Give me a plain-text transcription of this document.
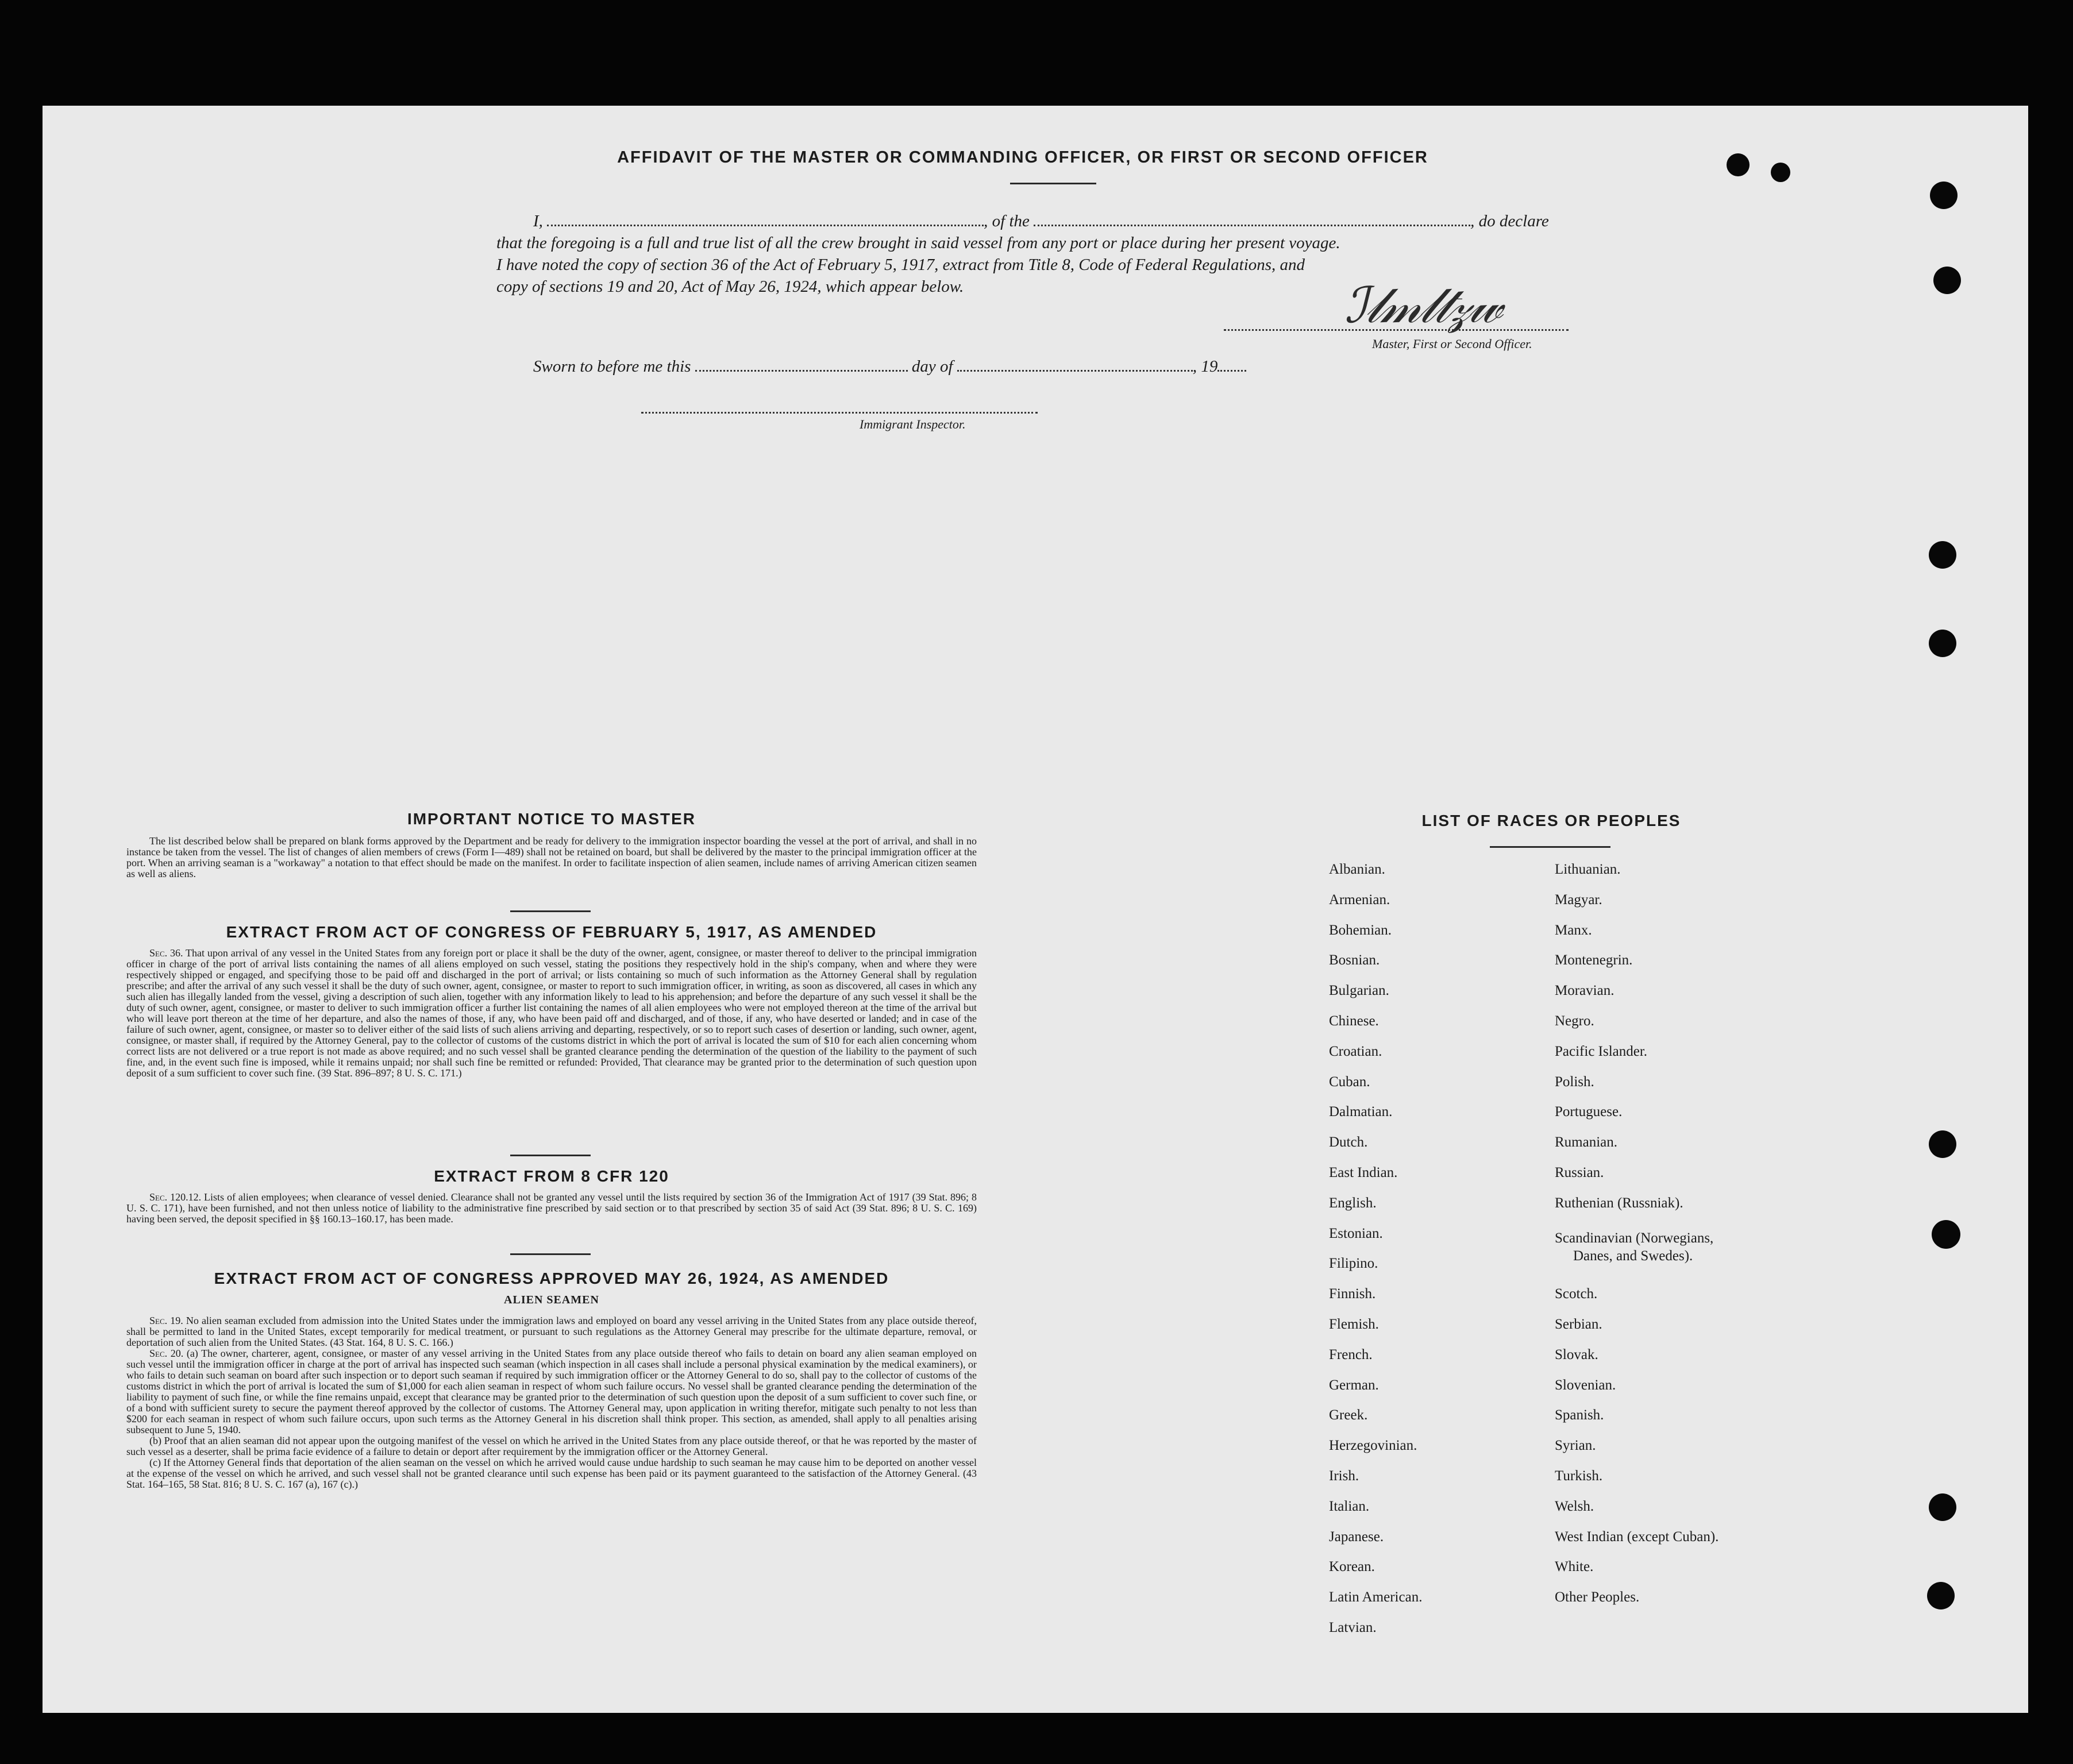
AFFIDAVIT OF THE MASTER OR COMMANDING OFFICER, OR FIRST OR SECOND OFFICER
I,	, of the	, do declare
that the foregoing is a full and true list of all the crew brought in said vessel from any port or place during her present voyage.
I have noted the copy of section 36 of the Act of February 5, 1917, extract from Title 8, Code of Federal Regulations, and
copy of sections 19 and 20, Act of May 26, 1924, which appear below.	ℐ𝓁𝓂𝓁𝓉𝓏𝓌
Master, First or Second Officer.
Sworn to before me this	day of	, 19
Immigrant Inspector.
IMPORTANT NOTICE TO MASTER

The list described below shall be prepared on blank forms approved by the Department and be ready for delivery to the immigration inspector boarding the vessel at the port of arrival, and shall in no instance be taken from the vessel. The list of changes of alien members of crews (Form I—489) shall not be retained on board, but shall be delivered by the master to the principal immigration officer at the port. When an arriving seaman is a "workaway" a notation to that effect should be made on the manifest. In order to facilitate inspection of alien seamen, include names of arriving American citizen seamen as well as aliens.

EXTRACT FROM ACT OF CONGRESS OF FEBRUARY 5, 1917, AS AMENDED

Sec. 36. That upon arrival of any vessel in the United States from any foreign port or place it shall be the duty of the owner, agent, consignee, or master thereof to deliver to the principal immigration officer in charge of the port of arrival lists containing the names of all aliens employed on such vessel, stating the positions they respectively hold in the ship's company, when and where they were respectively shipped or engaged, and specifying those to be paid off and discharged in the port of arrival; or lists containing so much of such information as the Attorney General shall by regulation prescribe; and after the arrival of any such vessel it shall be the duty of such owner, agent, consignee, or master to report to such immigration officer, in writing, as soon as discovered, all cases in which any such alien has illegally landed from the vessel, giving a description of such alien, together with any information likely to lead to his apprehension; and before the departure of any such vessel it shall be the duty of such owner, agent, consignee, or master to deliver to such immigration officer a further list containing the names of all alien employees who were not employed thereon at the time of the arrival but who will leave port thereon at the time of her departure, and also the names of those, if any, who have been paid off and discharged, and of those, if any, who have deserted or landed; and in case of the failure of such owner, agent, consignee, or master so to deliver either of the said lists of such aliens arriving and departing, respectively, or so to report such cases of desertion or landing, such owner, agent, consignee, or master shall, if required by the Attorney General, pay to the collector of customs of the customs district in which the port of arrival is located the sum of $10 for each alien concerning whom correct lists are not delivered or a true report is not made as above required; and no such vessel shall be granted clearance pending the determination of the question of the liability to the payment of such fine, and, in the event such fine is imposed, while it remains unpaid; nor shall such fine be remitted or refunded: Provided, That clearance may be granted prior to the determination of such question upon deposit of a sum sufficient to cover such fine. (39 Stat. 896–897; 8 U. S. C. 171.)

EXTRACT FROM 8 CFR 120

Sec. 120.12. Lists of alien employees; when clearance of vessel denied. Clearance shall not be granted any vessel until the lists required by section 36 of the Immigration Act of 1917 (39 Stat. 896; 8 U. S. C. 171), have been furnished, and not then unless notice of liability to the administrative fine prescribed by said section or to that prescribed by section 35 of said Act (39 Stat. 896; 8 U. S. C. 169) having been served, the deposit specified in §§ 160.13–160.17, has been made.

EXTRACT FROM ACT OF CONGRESS APPROVED MAY 26, 1924, AS AMENDED
ALIEN SEAMEN

Sec. 19. No alien seaman excluded from admission into the United States under the immigration laws and employed on board any vessel arriving in the United States from any place outside thereof, shall be permitted to land in the United States, except temporarily for medical treatment, or pursuant to such regulations as the Attorney General may prescribe for the ultimate departure, removal, or deportation of such alien from the United States. (43 Stat. 164, 8 U. S. C. 166.)

Sec. 20. (a) The owner, charterer, agent, consignee, or master of any vessel arriving in the United States from any place outside thereof who fails to detain on board any alien seaman employed on such vessel until the immigration officer in charge at the port of arrival has inspected such seaman (which inspection in all cases shall include a personal physical examination by the medical examiners), or who fails to detain such seaman on board after such inspection or to deport such seaman if required by such immigration officer or the Attorney General to do so, shall pay to the collector of customs of the customs district in which the port of arrival is located the sum of $1,000 for each alien seaman in respect of whom such failure occurs. No vessel shall be granted clearance pending the determination of the liability to payment of such fine, or while the fine remains unpaid, except that clearance may be granted prior to the determination of such question upon the deposit of a sum sufficient to cover such fine, or of a bond with sufficient surety to secure the payment thereof approved by the collector of customs. The Attorney General may, upon application in writing therefor, mitigate such penalty to not less than $200 for each seaman in respect of whom such failure occurs, upon such terms as the Attorney General in his discretion shall think proper. This section, as amended, shall apply to all penalties arising subsequent to June 5, 1940.

(b) Proof that an alien seaman did not appear upon the outgoing manifest of the vessel on which he arrived in the United States from any place outside thereof, or that he was reported by the master of such vessel as a deserter, shall be prima facie evidence of a failure to detain or deport after requirement by the immigration officer or the Attorney General.

(c) If the Attorney General finds that deportation of the alien seaman on the vessel on which he arrived would cause undue hardship to such seaman he may cause him to be deported on another vessel at the expense of the vessel on which he arrived, and such vessel shall not be granted clearance until such expense has been paid or its payment guaranteed to the satisfaction of the Attorney General. (43 Stat. 164–165, 58 Stat. 816; 8 U. S. C. 167 (a), 167 (c).)

LIST OF RACES OR PEOPLES
Albanian.
Armenian.
Bohemian.
Bosnian.
Bulgarian.
Chinese.
Croatian.
Cuban.
Dalmatian.
Dutch.
East Indian.
English.
Estonian.
Filipino.
Finnish.
Flemish.
French.
German.
Greek.
Herzegovinian.
Irish.
Italian.
Japanese.
Korean.
Latin American.
Latvian.
Lithuanian.
Magyar.
Manx.
Montenegrin.
Moravian.
Negro.
Pacific Islander.
Polish.
Portuguese.
Rumanian.
Russian.
Ruthenian (Russniak).
Scandinavian (Norwegians,
Danes, and Swedes).
Scotch.
Serbian.
Slovak.
Slovenian.
Spanish.
Syrian.
Turkish.
Welsh.
West Indian (except Cuban).
White.
Other Peoples.
